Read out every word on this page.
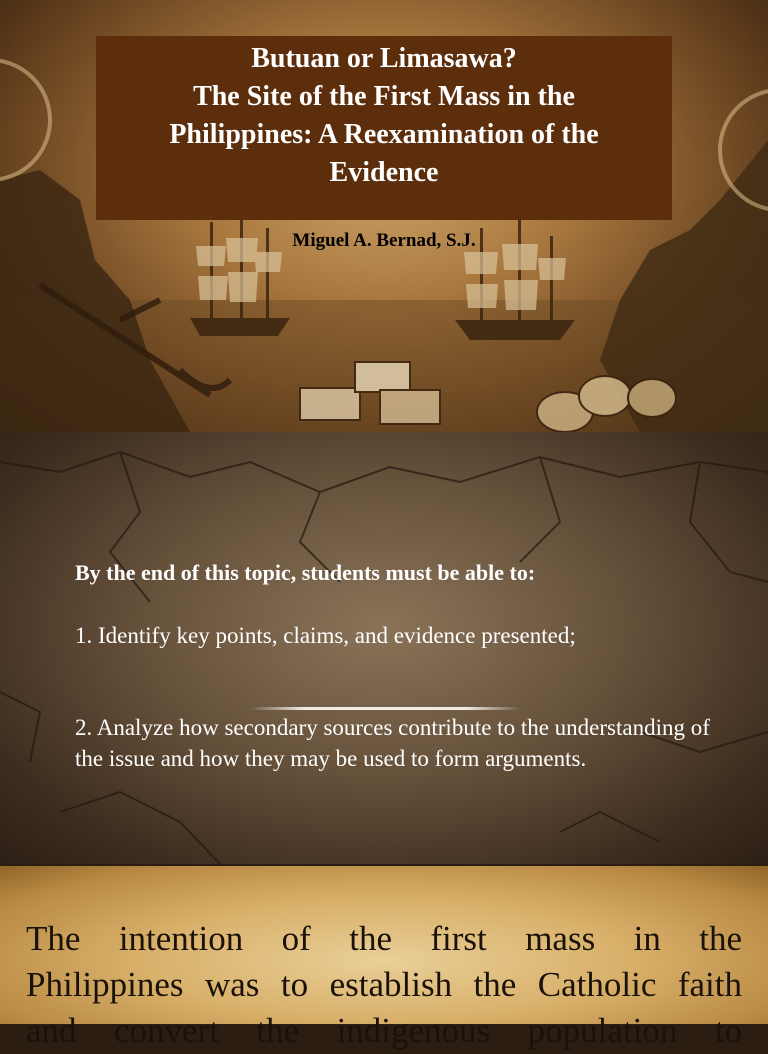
Butuan or Limasawa?
The Site of the First Mass in the
Philippines: A Reexamination of the
Evidence
Miguel A. Bernad, S.J.
By the end of this topic, students must be able to:
1. Identify key points, claims, and evidence presented;
2. Analyze how secondary sources contribute to the understanding of the issue and how they may be used to form arguments.
The intention of the first mass in the
Philippines was to establish the Catholic faith
and convert the indigenous population to
